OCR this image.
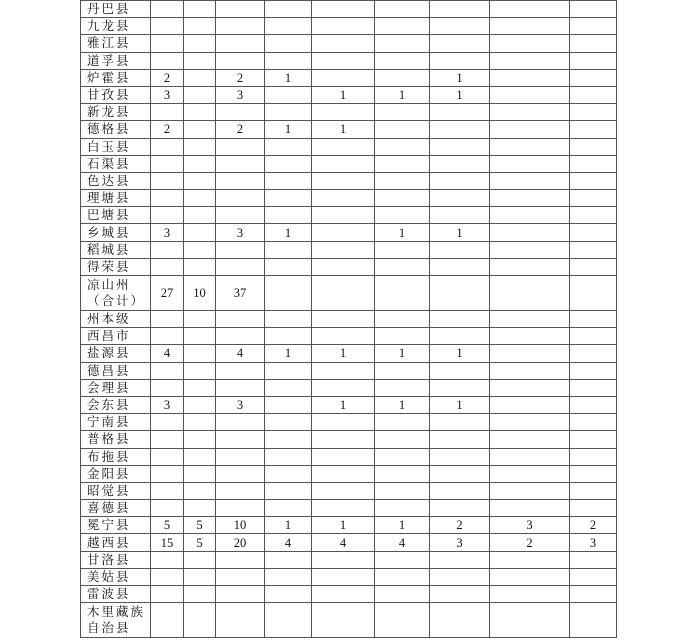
丹巴县									
九龙县									
雅江县									
道孚县									
炉霍县	2		2	1			1		
甘孜县	3		3		1	1	1		
新龙县									
德格县	2		2	1	1				
白玉县									
石渠县									
色达县									
理塘县									
巴塘县									
乡城县	3		3	1		1	1		
稻城县									
得荣县									
凉山州
（合计）	27	10	37						
州本级									
西昌市									
盐源县	4		4	1	1	1	1		
德昌县									
会理县									
会东县	3		3		1	1	1		
宁南县									
普格县									
布拖县									
金阳县									
昭觉县									
喜德县									
冕宁县	5	5	10	1	1	1	2	3	2
越西县	15	5	20	4	4	4	3	2	3
甘洛县									
美姑县									
雷波县									
木里藏族
自治县									
